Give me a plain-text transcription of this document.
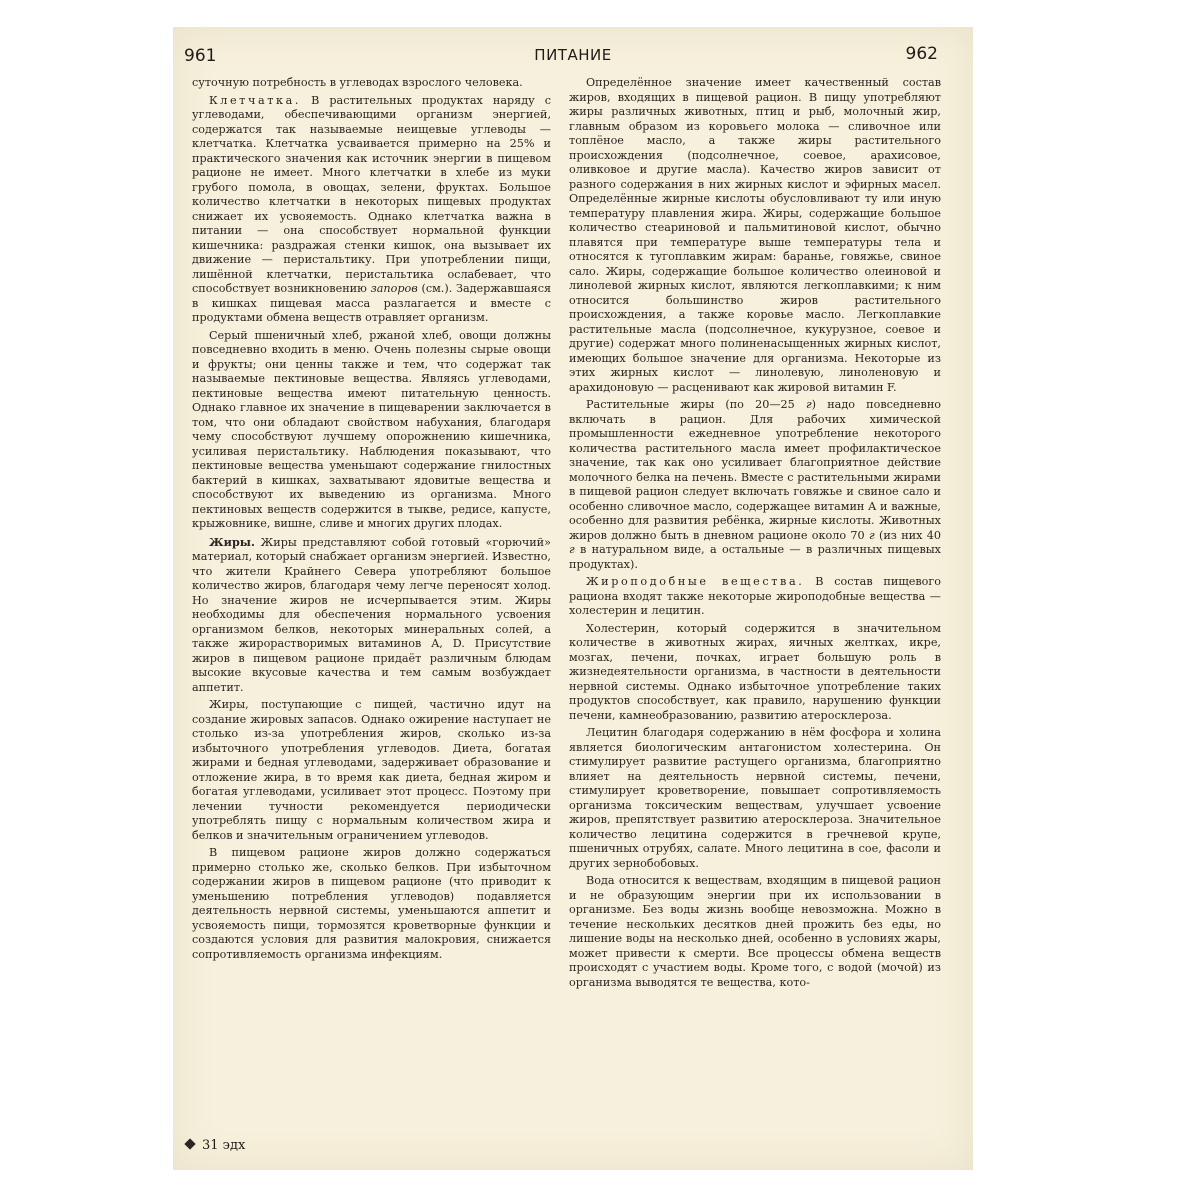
961	ПИТАНИЕ	962

суточную потребность в углеводах взрослого человека.

Клетчатка. В растительных продуктах наряду с углеводами, обеспечивающими организм энергией, содержатся так называемые неищевые углеводы — клетчатка. Клетчатка усваивается примерно на 25% и практического значения как источник энергии в пищевом рационе не имеет. Много клетчатки в хлебе из муки грубого помола, в овощах, зелени, фруктах. Большое количество клетчатки в некоторых пищевых продуктах снижает их усвояемость. Однако клетчатка важна в питании — она способствует нормальной функции кишечника: раздражая стенки кишок, она вызывает их движение — перистальтику. При употреблении пищи, лишённой клетчатки, перистальтика ослабевает, что способствует возникновению запоров (см.). Задержавшаяся в кишках пищевая масса разлагается и вместе с продуктами обмена веществ отравляет организм.

Серый пшеничный хлеб, ржаной хлеб, овощи должны повседневно входить в меню. Очень полезны сырые овощи и фрукты; они ценны также и тем, что содержат так называемые пектиновые вещества. Являясь углеводами, пектиновые вещества имеют питательную ценность. Однако главное их значение в пищеварении заключается в том, что они обладают свойством набухания, благодаря чему способствуют лучшему опорожнению кишечника, усиливая перистальтику. Наблюдения показывают, что пектиновые вещества уменьшают содержание гнилостных бактерий в кишках, захватывают ядовитые вещества и способствуют их выведению из организма. Много пектиновых веществ содержится в тыкве, редисе, капусте, крыжовнике, вишне, сливе и многих других плодах.

Жиры. Жиры представляют собой готовый «горючий» материал, который снабжает организм энергией. Известно, что жители Крайнего Севера употребляют большое количество жиров, благодаря чему легче переносят холод. Но значение жиров не исчерпывается этим. Жиры необходимы для обеспечения нормального усвоения организмом белков, некоторых минеральных солей, а также жирорастворимых витаминов A, D. Присутствие жиров в пищевом рационе придаёт различным блюдам высокие вкусовые качества и тем самым возбуждает аппетит.

Жиры, поступающие с пищей, частично идут на создание жировых запасов. Однако ожирение наступает не столько из-за употребления жиров, сколько из-за избыточного употребления углеводов. Диета, богатая жирами и бедная углеводами, задерживает образование и отложение жира, в то время как диета, бедная жиром и богатая углеводами, усиливает этот процесс. Поэтому при лечении тучности рекомендуется периодически употреблять пищу с нормальным количеством жира и белков и значительным ограничением углеводов.

В пищевом рационе жиров должно содержаться примерно столько же, сколько белков. При избыточном содержании жиров в пищевом рационе (что приводит к уменьшению потребления углеводов) подавляется деятельность нервной системы, уменьшаются аппетит и усвояемость пищи, тормозятся кроветворные функции и создаются условия для развития малокровия, снижается сопротивляемость организма инфекциям.

Определённое значение имеет качественный состав жиров, входящих в пищевой рацион. В пищу употребляют жиры различных животных, птиц и рыб, молочный жир, главным образом из коровьего молока — сливочное или топлёное масло, а также жиры растительного происхождения (подсолнечное, соевое, арахисовое, оливковое и другие масла). Качество жиров зависит от разного содержания в них жирных кислот и эфирных масел. Определённые жирные кислоты обусловливают ту или иную температуру плавления жира. Жиры, содержащие большое количество стеариновой и пальмитиновой кислот, обычно плавятся при температуре выше температуры тела и относятся к тугоплавким жирам: баранье, говяжье, свиное сало. Жиры, содержащие большое количество олеиновой и линолевой жирных кислот, являются легкоплавкими; к ним относится большинство жиров растительного происхождения, а также коровье масло. Легкоплавкие растительные масла (подсолнечное, кукурузное, соевое и другие) содержат много полиненасыщенных жирных кислот, имеющих большое значение для организма. Некоторые из этих жирных кислот — линолевую, линоленовую и арахидоновую — расценивают как жировой витамин F.

Растительные жиры (по 20—25 г) надо повседневно включать в рацион. Для рабочих химической промышленности ежедневное употребление некоторого количества растительного масла имеет профилактическое значение, так как оно усиливает благоприятное действие молочного белка на печень. Вместе с растительными жирами в пищевой рацион следует включать говяжье и свиное сало и особенно сливочное масло, содержащее витамин A и важные, особенно для развития ребёнка, жирные кислоты. Животных жиров должно быть в дневном рационе около 70 г (из них 40 г в натуральном виде, а остальные — в различных пищевых продуктах).

Жироподобные вещества. В состав пищевого рациона входят также некоторые жироподобные вещества — холестерин и лецитин.

Холестерин, который содержится в значительном количестве в животных жирах, яичных желтках, икре, мозгах, печени, почках, играет большую роль в жизнедеятельности организма, в частности в деятельности нервной системы. Однако избыточное употребление таких продуктов способствует, как правило, нарушению функции печени, камнеобразованию, развитию атеросклероза.

Лецитин благодаря содержанию в нём фосфора и холина является биологическим антагонистом холестерина. Он стимулирует развитие растущего организма, благоприятно влияет на деятельность нервной системы, печени, стимулирует кроветворение, повышает сопротивляемость организма токсическим веществам, улучшает усвоение жиров, препятствует развитию атеросклероза. Значительное количество лецитина содержится в гречневой крупе, пшеничных отрубях, салате. Много лецитина в сое, фасоли и других зернобобовых.

Вода относится к веществам, входящим в пищевой рацион и не образующим энергии при их использовании в организме. Без воды жизнь вообще невозможна. Можно в течение нескольких десятков дней прожить без еды, но лишение воды на несколько дней, особенно в условиях жары, может привести к смерти. Все процессы обмена веществ происходят с участием воды. Кроме того, с водой (мочой) из организма выводятся те вещества, кото-

31 эдх
